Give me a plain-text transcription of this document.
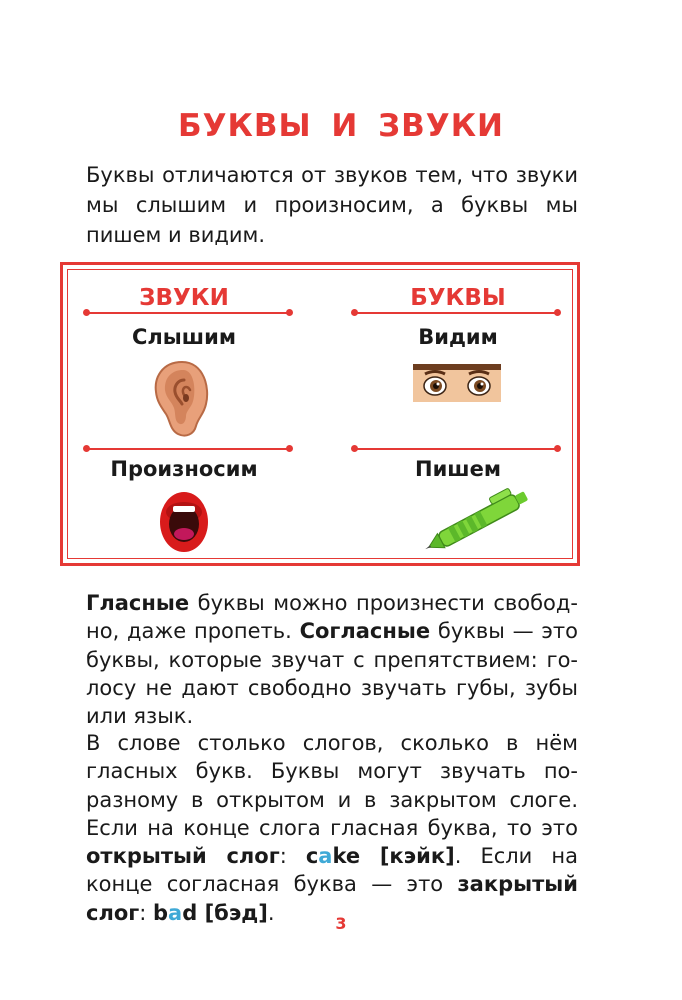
БУКВЫ И ЗВУКИ
Буквы отличаются от звуков тем, что звуки мы слышим и произносим, а буквы мы пишем и видим.
ЗВУКИ
Слышим
Произносим
БУКВЫ
Видим
Пишем
Гласные буквы можно произнести свободно, даже пропеть. Согласные буквы — это буквы, которые звучат с препятствием: голосу не дают свободно звучать губы, зубы или язык.
В слове столько слогов, сколько в нём гласных букв. Буквы могут звучать по-разному в открытом и в закрытом слоге. Если на конце слога гласная буква, то это открытый слог: cake [кэйк]. Если на конце согласная буква — это закрытый слог: bad [бэд].	3
